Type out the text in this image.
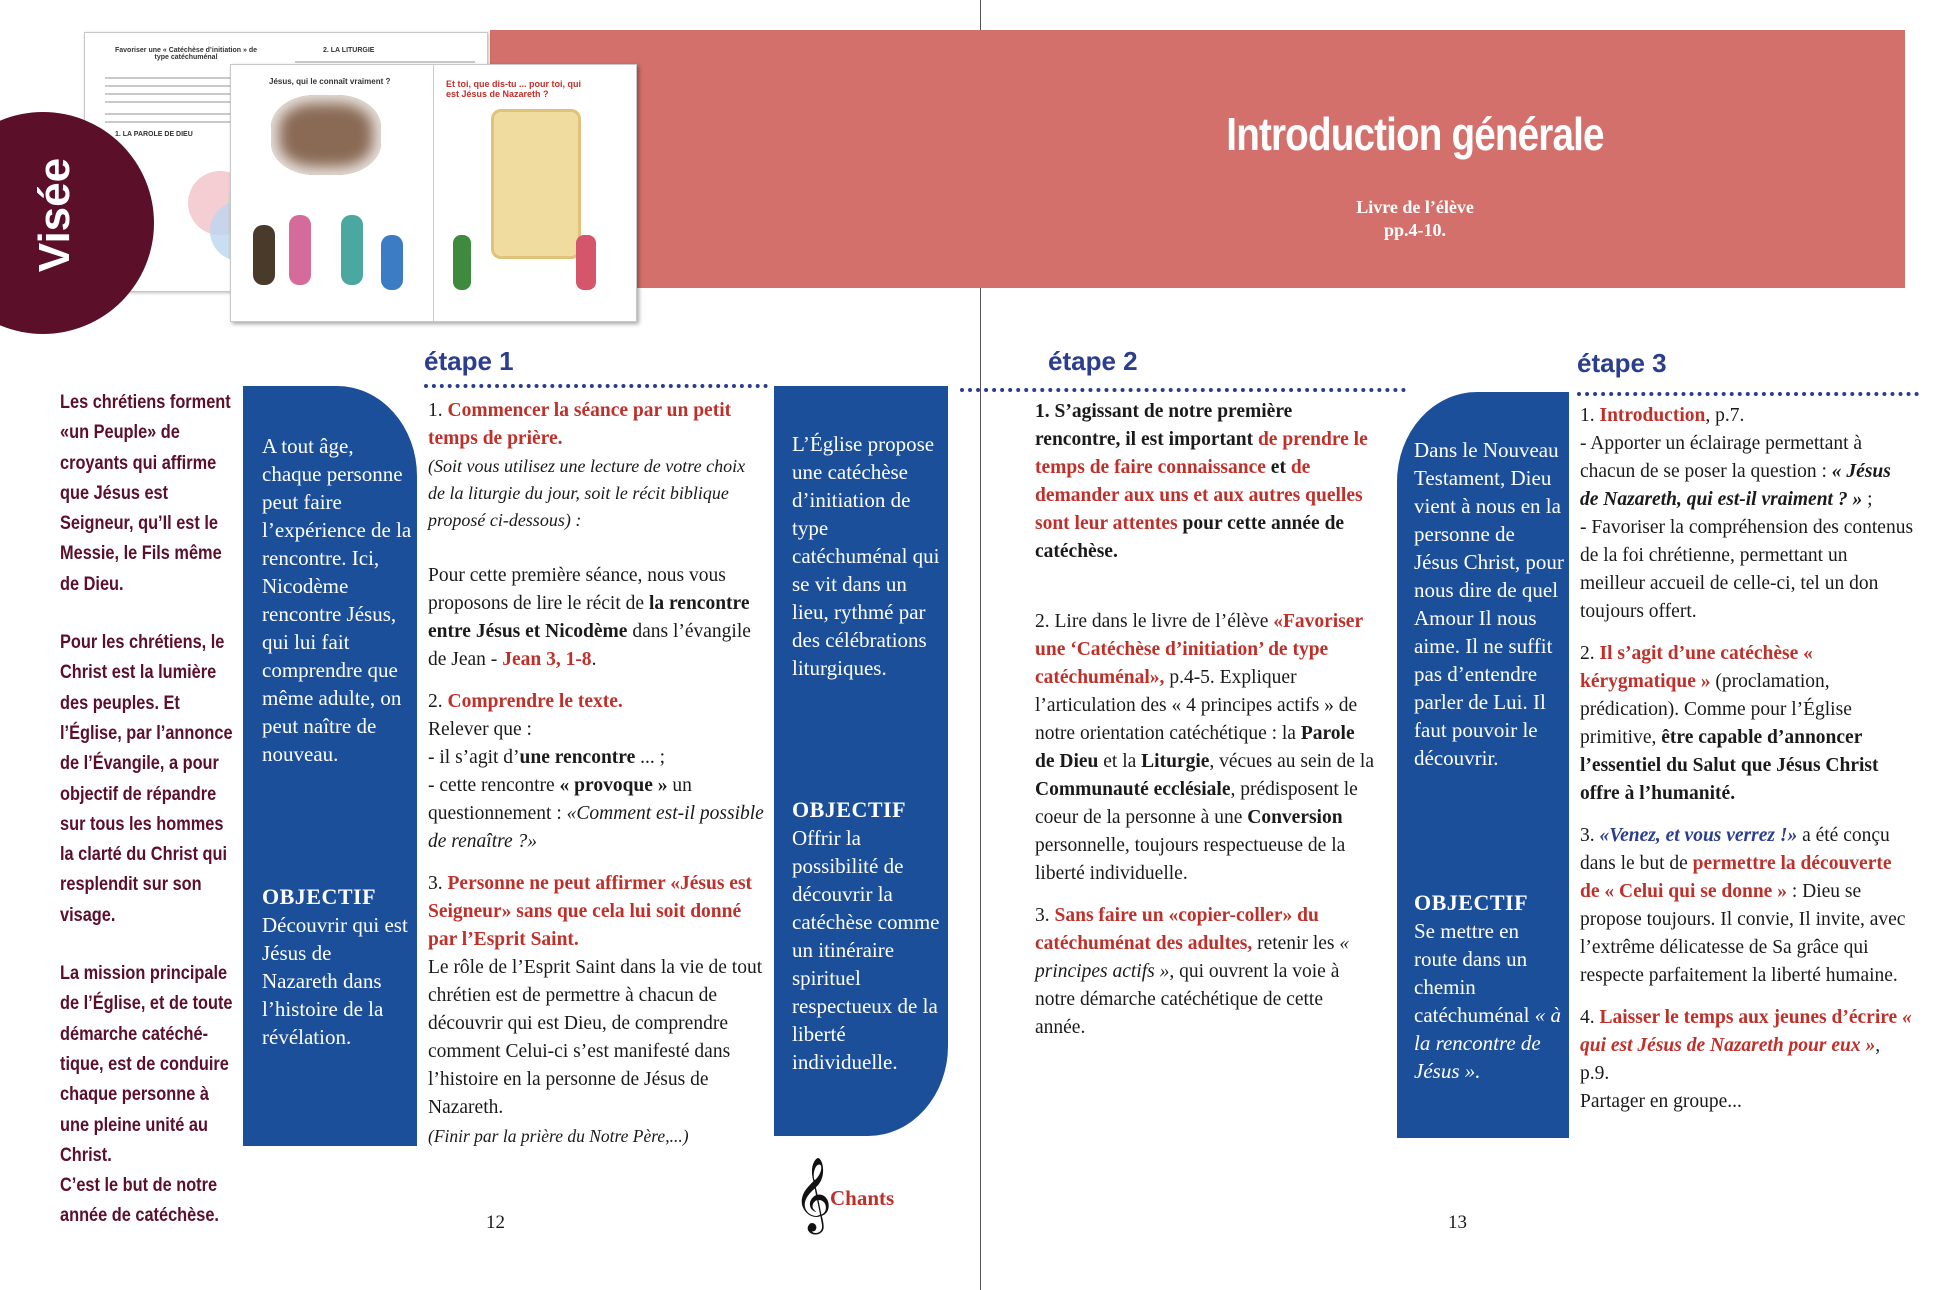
Introduction générale
Livre de l’élève
pp.4-10.
Favoriser une « Catéchèse d’initiation » de type catéchuménal
1. LA PAROLE DE DIEU
2. LA LITURGIE
Jésus, qui le connaît vraiment ?	Et toi, que dis-tu ... pour toi, qui est Jésus de Nazareth ?
Visée

Les chrétiens forment «un Peuple» de croyants qui affirme que Jésus est Seigneur, qu’Il est le Messie, le Fils même de Dieu.

Pour les chrétiens, le Christ est la lumière des peuples. Et l’Église, par l’annonce de l’Évangile, a pour objectif de répandre sur tous les hommes la clarté du Christ qui resplendit sur son visage.

La mission principale de l’Église, et de toute démarche catéché-tique, est de conduire chaque personne à une pleine unité au Christ.

C’est le but de notre année de catéchèse.

étape 1	étape 2	étape 3
A tout âge, chaque personne peut faire l’expérience de la rencontre. Ici, Nicodème rencontre Jésus, qui lui fait comprendre que même adulte, on peut naître de nouveau.
OBJECTIF
Découvrir qui est Jésus de Nazareth dans l’histoire de la révélation.
L’Église propose une catéchèse d’initiation de type catéchuménal qui se vit dans un lieu, rythmé par des célébrations liturgiques.
OBJECTIF
Offrir la possibilité de découvrir la catéchèse comme un itinéraire spirituel respectueux de la liberté individuelle.
Dans le Nouveau Testament, Dieu vient à nous en la personne de Jésus Christ, pour nous dire de quel Amour Il nous aime. Il ne suffit pas d’entendre parler de Lui. Il faut pouvoir le découvrir.
OBJECTIF
Se mettre en route dans un chemin catéchuménal « à la rencontre de Jésus ».

1. Commencer la séance par un petit temps de prière.

(Soit vous utilisez une lecture de votre choix de la liturgie du jour, soit le récit biblique proposé ci-dessous) :

Pour cette première séance, nous vous proposons de lire le récit de la rencontre entre Jésus et Nicodème dans l’évangile de Jean - Jean 3, 1-8.

2. Comprendre le texte.

Relever que :

- il s’agit d’une rencontre ... ;

- cette rencontre « provoque » un questionnement : «Comment est-il possible de renaître ?»

3. Personne ne peut affirmer «Jésus est Seigneur» sans que cela lui soit donné par l’Esprit Saint.

Le rôle de l’Esprit Saint dans la vie de tout chrétien est de permettre à chacun de découvrir qui est Dieu, de comprendre comment Celui-ci s’est manifesté dans l’histoire en la personne de Jésus de Nazareth.

(Finir par la prière du Notre Père,...)

1. S’agissant de notre première rencontre, il est important de prendre le temps de faire connaissance et de demander aux uns et aux autres quelles sont leur attentes pour cette année de catéchèse.

2. Lire dans le livre de l’élève «Favoriser une ‘Catéchèse d’initiation’ de type catéchuménal», p.4-5. Expliquer l’articulation des « 4 principes actifs » de notre orientation catéchétique : la Parole de Dieu et la Liturgie, vécues au sein de la Communauté ecclésiale, prédisposent le coeur de la personne à une Conversion personnelle, toujours respectueuse de la liberté individuelle.

3. Sans faire un «copier-coller» du catéchuménat des adultes, retenir les « principes actifs », qui ouvrent la voie à notre démarche catéchétique de cette année.

1. Introduction, p.7.

- Apporter un éclairage permettant à chacun de se poser la question : « Jésus de Nazareth, qui est-il vraiment ? » ;

- Favoriser la compréhension des contenus de la foi chrétienne, permettant un meilleur accueil de celle-ci, tel un don toujours offert.

2. Il s’agit d’une catéchèse « kérygmatique » (proclamation, prédication). Comme pour l’Église primitive, être capable d’annoncer l’essentiel du Salut que Jésus Christ offre à l’humanité.

3. «Venez, et vous verrez !» a été conçu dans le but de permettre la découverte de « Celui qui se donne » : Dieu se propose toujours. Il convie, Il invite, avec l’extrême délicatesse de Sa grâce qui respecte parfaitement la liberté humaine.

4. Laisser le temps aux jeunes d’écrire « qui est Jésus de Nazareth pour eux », p.9.

Partager en groupe...

12	13
𝄞
Chants
